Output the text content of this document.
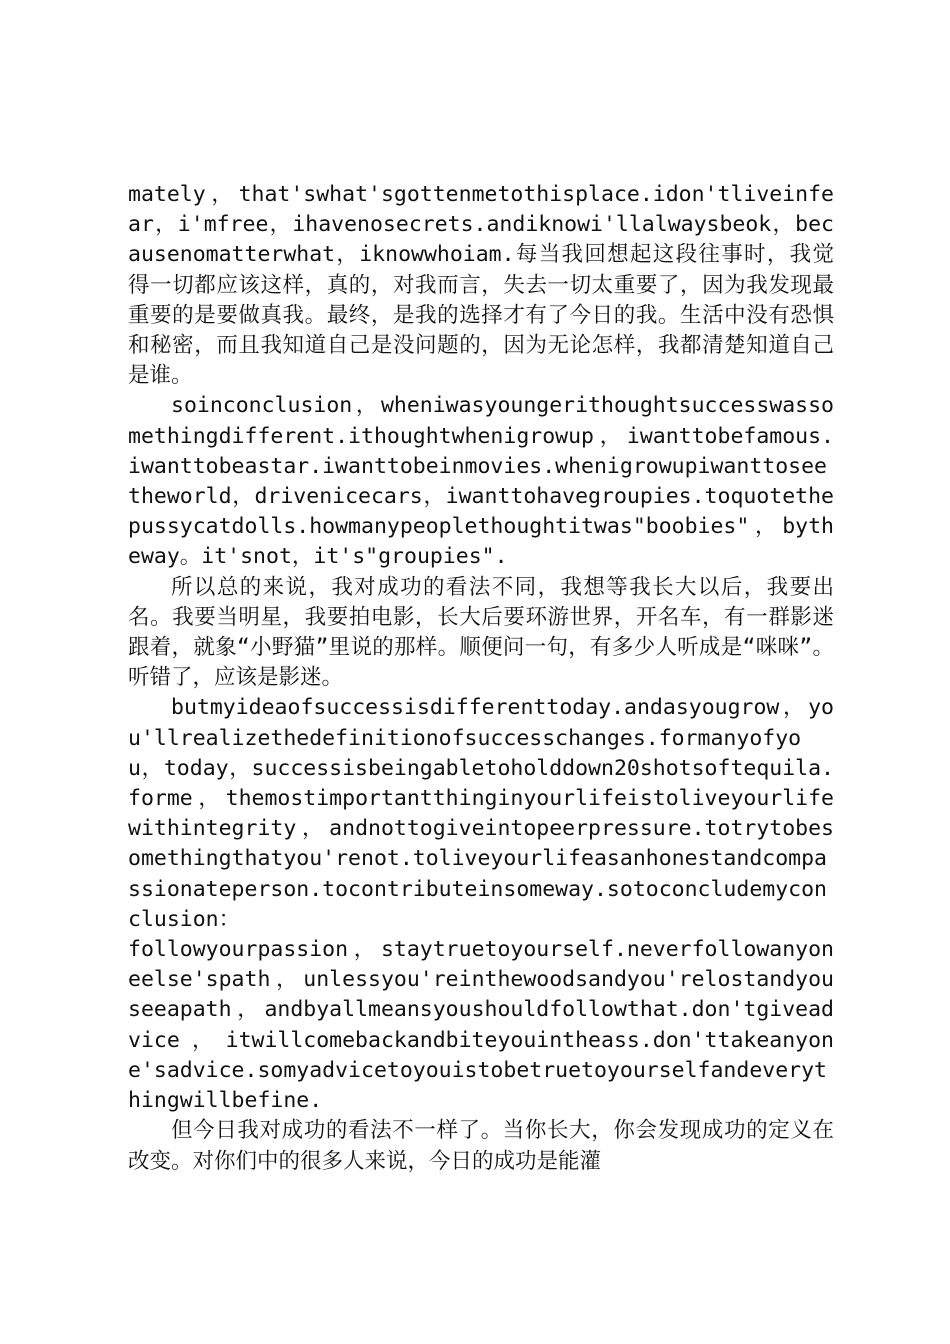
mately，that'swhat'sgottenmetothisplace.idon'tliveinfear，i'mfree，ihavenosecrets.andiknowi'llalwaysbeok，becausenomatterwhat，iknowwhoiam.每当我回想起这段往事时，我觉得一切都应该这样，真的，对我而言，失去一切太重要了，因为我发现最重要的是要做真我。最终，是我的选择才有了今日的我。生活中没有恐惧和秘密，而且我知道自己是没问题的，因为无论怎样，我都清楚知道自己是谁。

soinconclusion，wheniwasyoungerithoughtsuccesswassomethingdifferent.ithoughtwhenigrowup，iwanttobefamous.iwanttobeastar.iwanttobeinmovies.whenigrowupiwanttoseetheworld，drivenicecars，iwanttohavegroupies.toquotethepussycatdolls.howmanypeoplethoughtitwas"boobies"，bytheway。it'snot，it's"groupies".

所以总的来说，我对成功的看法不同，我想等我长大以后，我要出名。我要当明星，我要拍电影，长大后要环游世界，开名车，有一群影迷跟着，就象“小野猫”里说的那样。顺便问一句，有多少人听成是“咪咪”。听错了，应该是影迷。

butmyideaofsuccessisdifferenttoday.andasyougrow，you'llrealizethedefinitionofsuccesschanges.formanyofyou，today，successisbeingabletoholddown20shotsoftequila.forme，themostimportantthinginyourlifeistoliveyourlifewithintegrity，andnottogiveintopeerpressure.totrytobesomethingthatyou'renot.toliveyourlifeasanhonestandcompassionateperson.tocontributeinsomeway.sotoconcludemyconclusion：

followyourpassion，staytruetoyourself.neverfollowanyoneelse'spath，unlessyou'reinthewoodsandyou'relostandyouseeapath，andbyallmeansyoushouldfollowthat.don'tgiveadvice，itwillcomebackandbiteyouintheass.don'ttakeanyone'sadvice.somyadvicetoyouistobetruetoyourselfandeverythingwillbefine.

但今日我对成功的看法不一样了。当你长大，你会发现成功的定义在改变。对你们中的很多人来说，今日的成功是能灌
